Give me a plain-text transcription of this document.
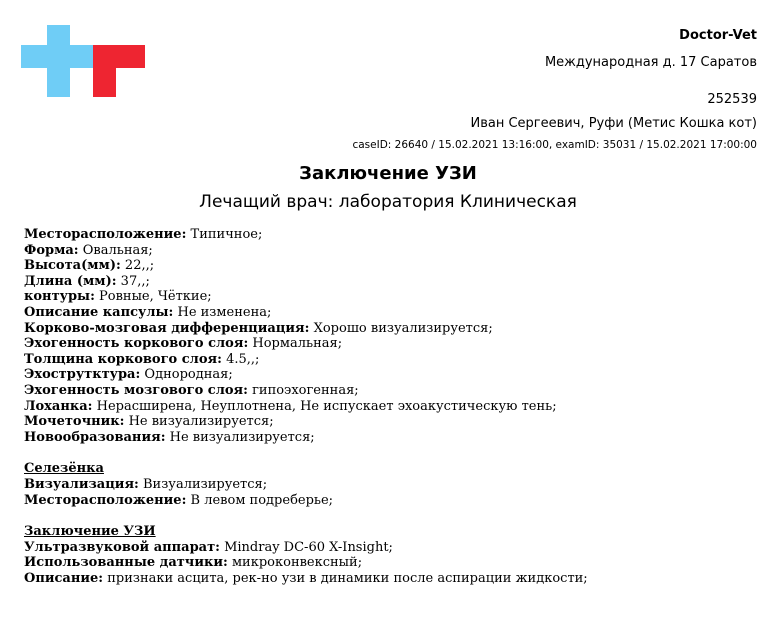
Doctor-Vet
Международная д. 17 Саратов
252539
Иван Сергеевич, Руфи (Метис Кошка кот)
caseID: 26640 / 15.02.2021 13:16:00, examID: 35031 / 15.02.2021 17:00:00
Заключение УЗИ
Лечащий врач: лаборатория Клиническая
Месторасположение: Типичное;
Форма: Овальная;
Высота(мм): 22,,;
Длина (мм): 37,,;
контуры: Ровные, Чёткие;
Описание капсулы: Не изменена;
Корково-мозговая дифференциация: Хорошо визуализируется;
Эхогенность коркового слоя: Нормальная;
Толщина коркового слоя: 4.5,,;
Эхострутктура: Однородная;
Эхогенность мозгового слоя: гипоэхогенная;
Лоханка: Нерасширена, Неуплотнена, Не испускает эхоакустическую тень;
Мочеточник: Не визуализируется;
Новообразования: Не визуализируется;
Селезёнка
Визуализация: Визуализируется;
Месторасположение: В левом подреберье;
Заключение УЗИ
Ультразвуковой аппарат: Mindray DC-60 X-Insight;
Использованные датчики: микроконвексный;
Описание: признаки асцита, рек-но узи в динамики после аспирации жидкости;
